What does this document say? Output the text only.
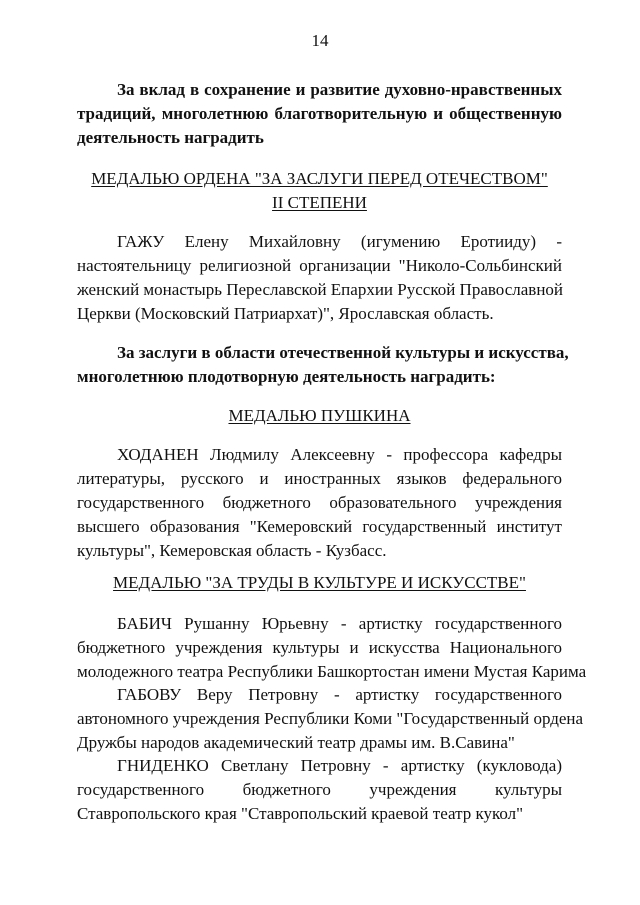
14
За вклад в сохранение и развитие духовно-нравственных
традиций, многолетнюю благотворительную и общественную
деятельность наградить
МЕДАЛЬЮ ОРДЕНА "ЗА ЗАСЛУГИ ПЕРЕД ОТЕЧЕСТВОМ"
II СТЕПЕНИ
ГАЖУ Елену Михайловну (игумению Еротииду) -
настоятельницу религиозной организации "Николо-Сольбинский
женский монастырь Переславской Епархии Русской Православной
Церкви (Московский Патриархат)", Ярославская область.
За заслуги в области отечественной культуры и искусства,
многолетнюю плодотворную деятельность наградить:
МЕДАЛЬЮ ПУШКИНА
ХОДАНЕН Людмилу Алексеевну - профессора кафедры
литературы, русского и иностранных языков федерального
государственного бюджетного образовательного учреждения
высшего образования "Кемеровский государственный институт
культуры", Кемеровская область - Кузбасс.
МЕДАЛЬЮ "ЗА ТРУДЫ В КУЛЬТУРЕ И ИСКУССТВЕ"
БАБИЧ Рушанну Юрьевну - артистку государственного
бюджетного учреждения культуры и искусства Национального
молодежного театра Республики Башкортостан имени Мустая Карима
ГАБОВУ Веру Петровну - артистку государственного
автономного учреждения Республики Коми "Государственный ордена
Дружбы народов академический театр драмы им. В.Савина"
ГНИДЕНКО Светлану Петровну - артистку (кукловода)
государственного бюджетного учреждения культуры
Ставропольского края "Ставропольский краевой театр кукол"
